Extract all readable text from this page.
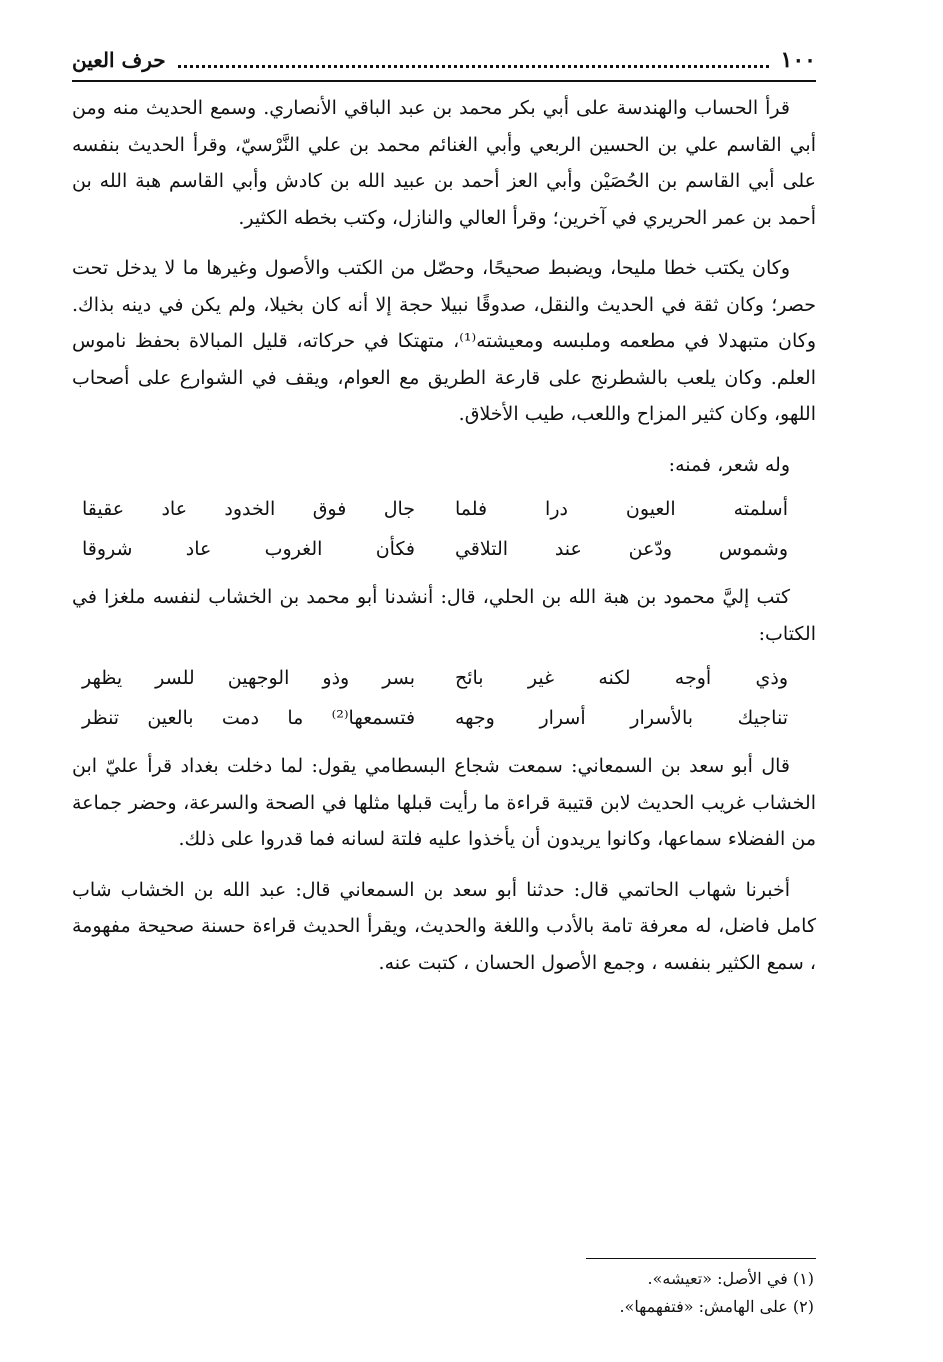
١٠٠
حرف العين

قرأ الحساب والهندسة على أبي بكر محمد بن عبد الباقي الأنصاري. وسمع الحديث منه ومن أبي القاسم علي بن الحسين الربعي وأبي الغنائم محمد بن علي النَّرْسيّ، وقرأ الحديث بنفسه على أبي القاسم بن الحُصَيْن وأبي العز أحمد بن عبيد الله بن كادش وأبي القاسم هبة الله بن أحمد بن عمر الحريري في آخرين؛ وقرأ العالي والنازل، وكتب بخطه الكثير.

وكان يكتب خطا مليحا، ويضبط صحيحًا، وحصّل من الكتب والأصول وغيرها ما لا يدخل تحت حصر؛ وكان ثقة في الحديث والنقل، صدوقًا نبيلا حجة إلا أنه كان بخيلا، ولم يكن في دينه بذاك. وكان متبهدلا في مطعمه وملبسه ومعيشته⁽¹⁾، متهتكا في حركاته، قليل المبالاة بحفظ ناموس العلم. وكان يلعب بالشطرنج على قارعة الطريق مع العوام، ويقف في الشوارع على أصحاب اللهو، وكان كثير المزاح واللعب، طيب الأخلاق.

وله شعر، فمنه:

أسلمته العيون درا فلما
جال فوق الخدود عاد عقيقا
وشموس ودّعن عند التلاقي
فكأن الغروب عاد شروقا

كتب إليَّ محمود بن هبة الله بن الحلي، قال: أنشدنا أبو محمد بن الخشاب لنفسه ملغزا في الكتاب:

وذي أوجه لكنه غير بائح
بسر وذو الوجهين للسر يظهر
تناجيك بالأسرار أسرار وجهه
فتسمعها⁽²⁾ ما دمت بالعين تنظر

قال أبو سعد بن السمعاني: سمعت شجاع البسطامي يقول: لما دخلت بغداد قرأ عليّ ابن الخشاب غريب الحديث لابن قتيبة قراءة ما رأيت قبلها مثلها في الصحة والسرعة، وحضر جماعة من الفضلاء سماعها، وكانوا يريدون أن يأخذوا عليه فلتة لسانه فما قدروا على ذلك.

أخبرنا شهاب الحاتمي قال: حدثنا أبو سعد بن السمعاني قال: عبد الله بن الخشاب شاب كامل فاضل، له معرفة تامة بالأدب واللغة والحديث، ويقرأ الحديث قراءة حسنة صحيحة مفهومة ، سمع الكثير بنفسه ، وجمع الأصول الحسان ، كتبت عنه.

(١) في الأصل: «تعيشه».
(٢) على الهامش: «فتفهمها».
